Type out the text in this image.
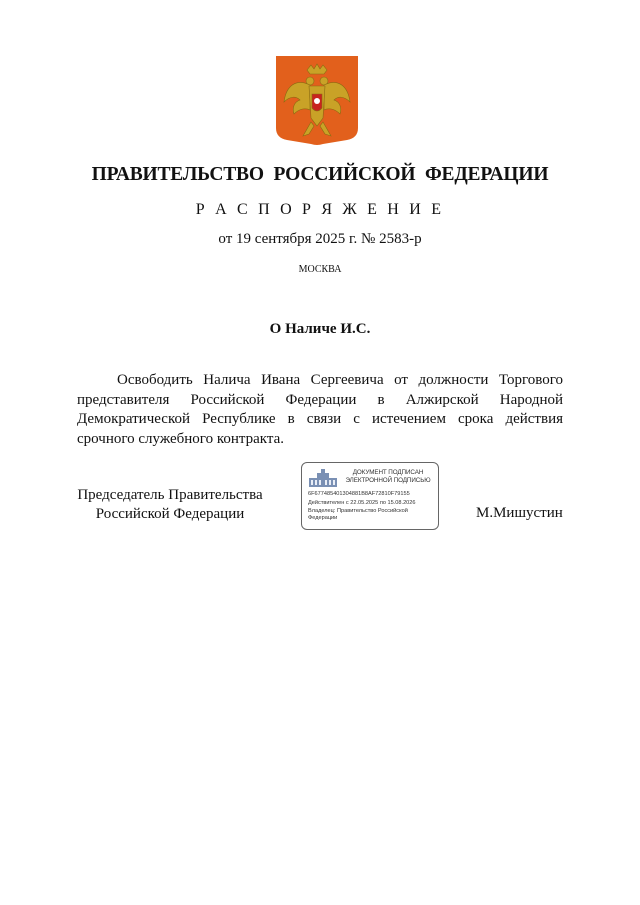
ПРАВИТЕЛЬСТВО РОССИЙСКОЙ ФЕДЕРАЦИИ
Р А С П О Р Я Ж Е Н И Е
от 19 сентября 2025 г. № 2583-р
МОСКВА
О Наличе И.С.
Освободить Налича Ивана Сергеевича от должности Торгового представителя Российской Федерации в Алжирской Народной Демократической Республике в связи с истечением срока действия срочного служебного контракта.
Председатель Правительства
Российской Федерации
ДОКУМЕНТ ПОДПИСАН
ЭЛЕКТРОННОЙ ПОДПИСЬЮ
6F677485401304881B8AF72810F79155
Действителен с 22.05.2025 по 15.08.2026
Владелец: Правительство Российской Федерации	М.Мишустин
